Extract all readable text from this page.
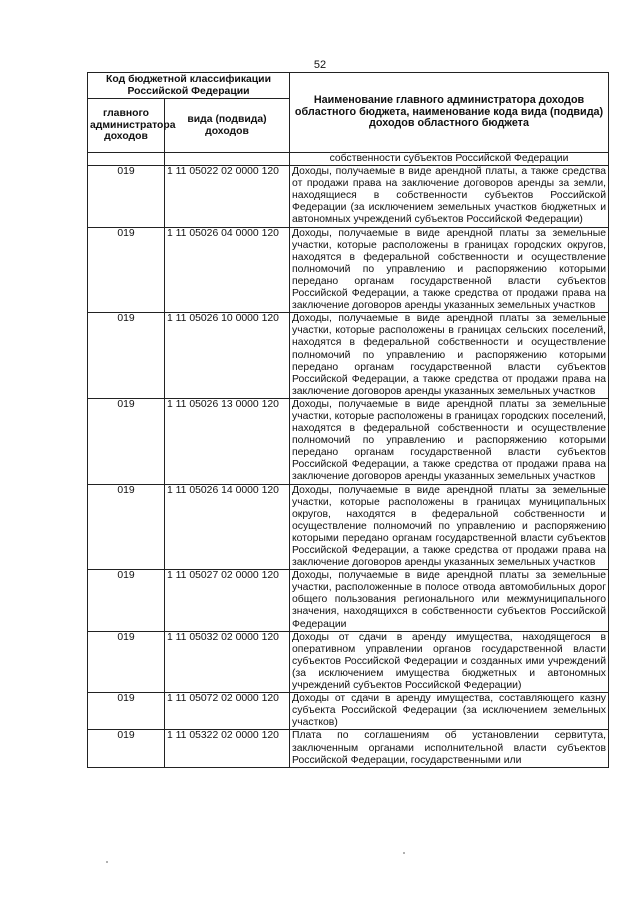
52
Код бюджетной классификации Российской Федерации		Наименование главного администратора доходов областного бюджета, наименование кода вида (подвида) доходов областного бюджета
главного администратора доходов	вида (подвида) доходов	
		собственности субъектов Российской Федерации
019	1 11 05022 02 0000 120	Доходы, получаемые в виде арендной платы, а также средства от продажи права на заключение договоров аренды за земли, находящиеся в собственности субъектов Российской Федерации (за исключением земельных участков бюджетных и автономных учреждений субъектов Российской Федерации)
019	1 11 05026 04 0000 120	Доходы, получаемые в виде арендной платы за земельные участки, которые расположены в границах городских округов, находятся в федеральной собственности и осуществление полномочий по управлению и распоряжению которыми передано органам государственной власти субъектов Российской Федерации, а также средства от продажи права на заключение договоров аренды указанных земельных участков
019	1 11 05026 10 0000 120	Доходы, получаемые в виде арендной платы за земельные участки, которые расположены в границах сельских поселений, находятся в федеральной собственности и осуществление полномочий по управлению и распоряжению которыми передано органам государственной власти субъектов Российской Федерации, а также средства от продажи права на заключение договоров аренды указанных земельных участков
019	1 11 05026 13 0000 120	Доходы, получаемые в виде арендной платы за земельные участки, которые расположены в границах городских поселений, находятся в федеральной собственности и осуществление полномочий по управлению и распоряжению которыми передано органам государственной власти субъектов Российской Федерации, а также средства от продажи права на заключение договоров аренды указанных земельных участков
019	1 11 05026 14 0000 120	Доходы, получаемые в виде арендной платы за земельные участки, которые расположены в границах муниципальных округов, находятся в федеральной собственности и осуществление полномочий по управлению и распоряжению которыми передано органам государственной власти субъектов Российской Федерации, а также средства от продажи права на заключение договоров аренды указанных земельных участков
019	1 11 05027 02 0000 120	Доходы, получаемые в виде арендной платы за земельные участки, расположенные в полосе отвода автомобильных дорог общего пользования регионального или межмуниципального значения, находящихся в собственности субъектов Российской Федерации
019	1 11 05032 02 0000 120	Доходы от сдачи в аренду имущества, находящегося в оперативном управлении органов государственной власти субъектов Российской Федерации и созданных ими учреждений (за исключением имущества бюджетных и автономных учреждений субъектов Российской Федерации)
019	1 11 05072 02 0000 120	Доходы от сдачи в аренду имущества, составляющего казну субъекта Российской Федерации (за исключением земельных участков)
019	1 11 05322 02 0000 120	Плата по соглашениям об установлении сервитута, заключенным органами исполнительной власти субъектов Российской Федерации, государственными или
